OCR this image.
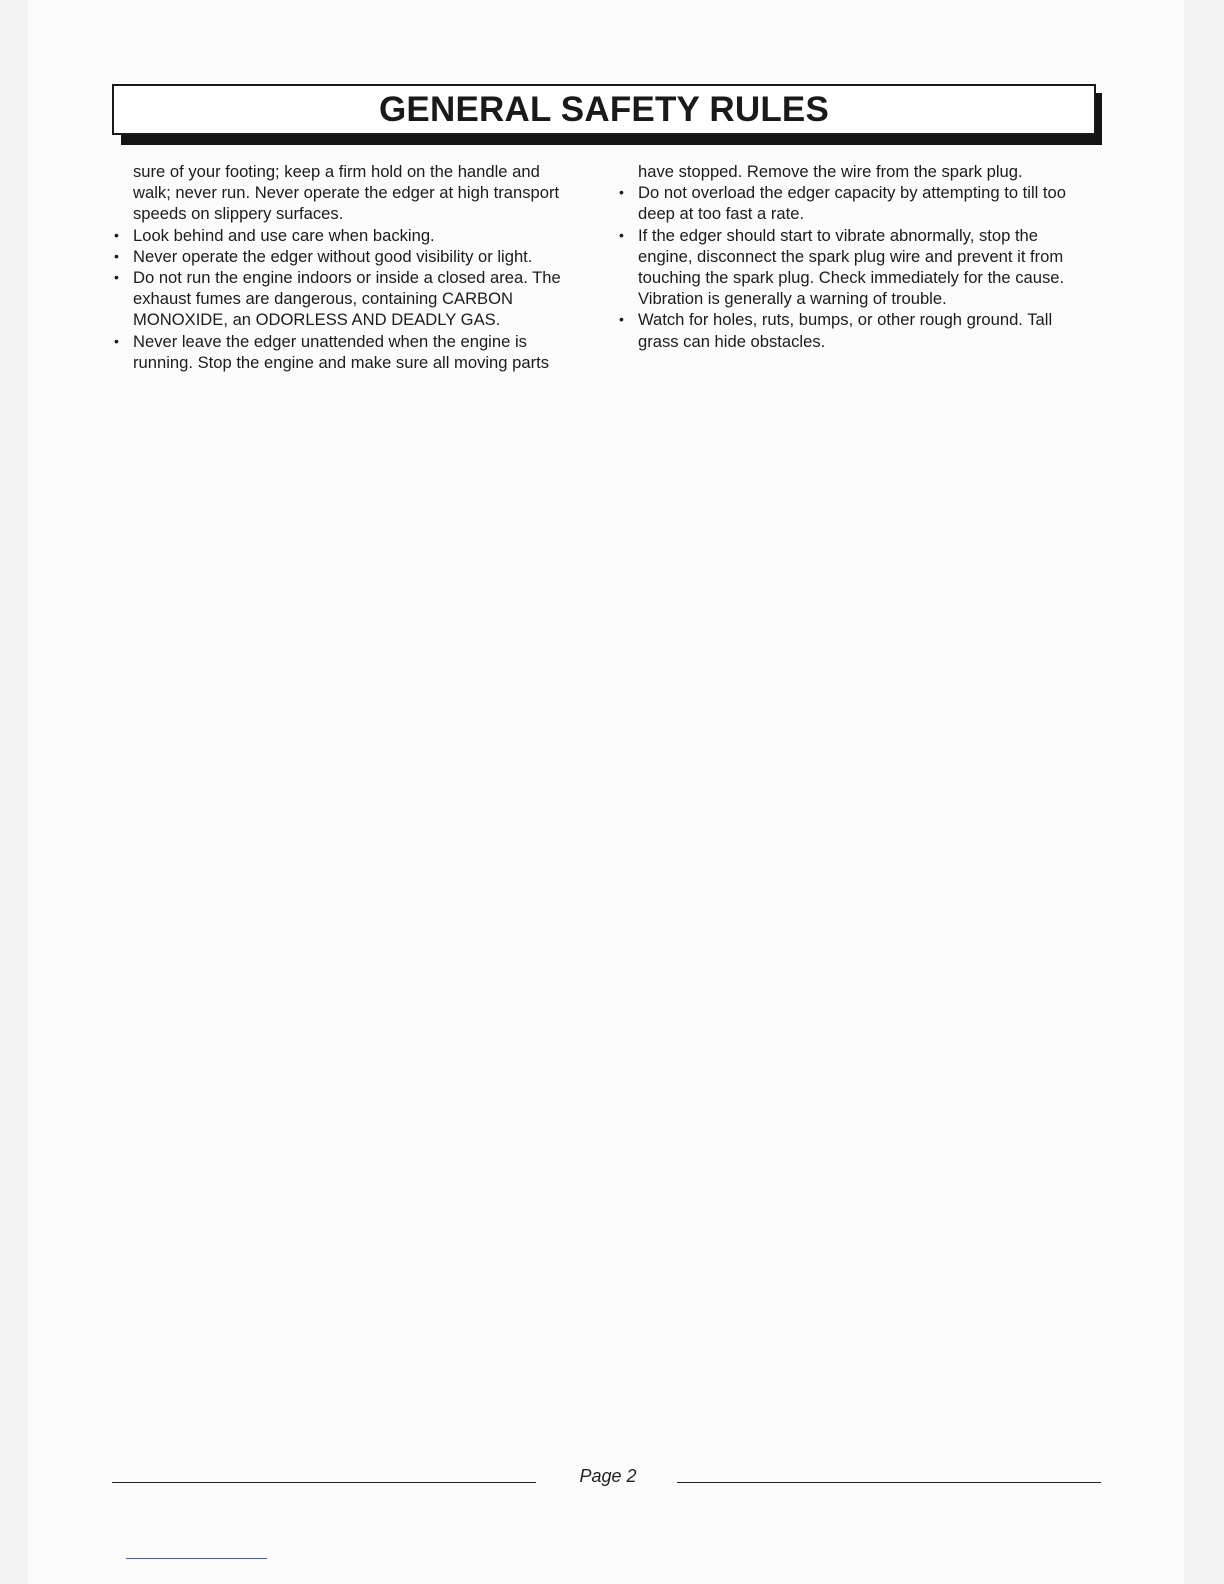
GENERAL SAFETY RULES
sure of your footing; keep a firm hold on the handle and
walk; never run. Never operate the edger at high transport
speeds on slippery surfaces.
• Look behind and use care when backing.
• Never operate the edger without good visibility or light.
• Do not run the engine indoors or inside a closed area. The
exhaust fumes are dangerous, containing CARBON
MONOXIDE, an ODORLESS AND DEADLY GAS.
• Never leave the edger unattended when the engine is
running. Stop the engine and make sure all moving parts
have stopped. Remove the wire from the spark plug.
• Do not overload the edger capacity by attempting to till too
deep at too fast a rate.
• If the edger should start to vibrate abnormally, stop the
engine, disconnect the spark plug wire and prevent it from
touching the spark plug. Check immediately for the cause.
Vibration is generally a warning of trouble.
• Watch for holes, ruts, bumps, or other rough ground. Tall
grass can hide obstacles.
Page 2
